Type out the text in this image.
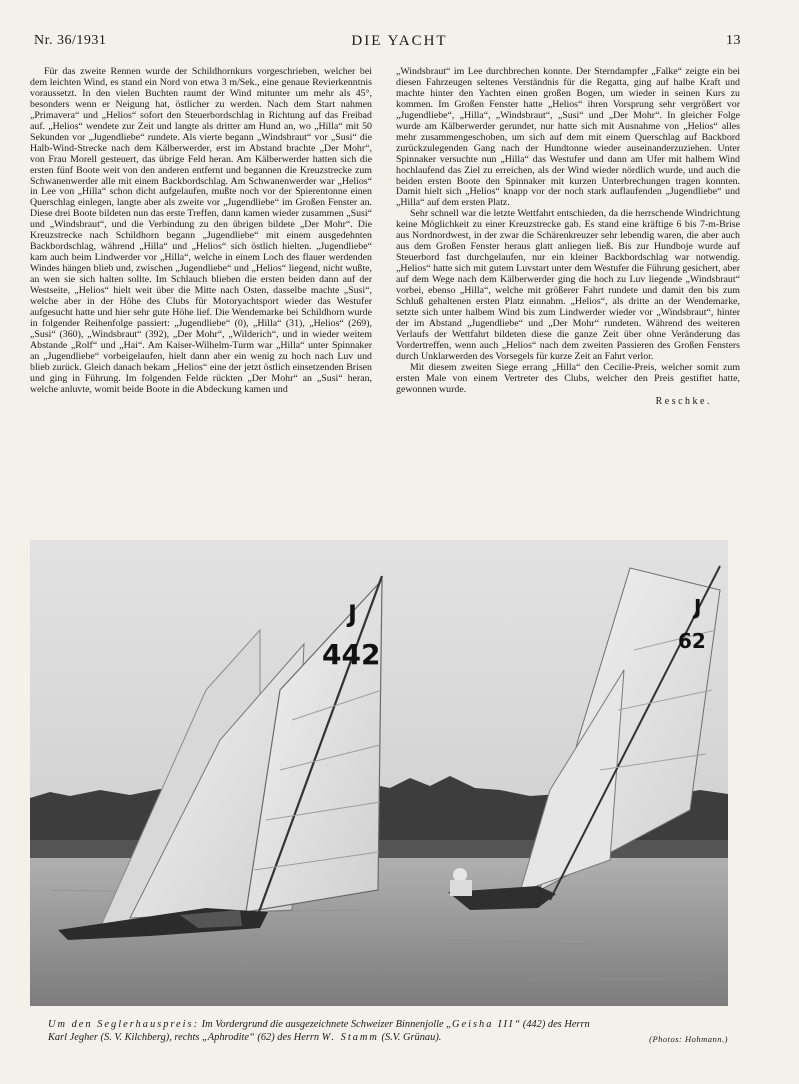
Nr. 36/1931	DIE YACHT	13

Für das zweite Rennen wurde der Schildhornkurs vorgeschrieben, welcher bei dem leichten Wind, es stand ein Nord von etwa 3 m/Sek., eine genaue Revierkenntnis voraussetzt. In den vielen Buchten raumt der Wind mitunter um mehr als 45°, besonders wenn er Neigung hat, östlicher zu werden. Nach dem Start nahmen „Primavera“ und „Helios“ sofort den Steuerbordschlag in Richtung auf das Freibad auf. „Helios“ wendete zur Zeit und langte als dritter am Hund an, wo „Hilla“ mit 50 Sekunden vor „Jugendliebe“ rundete. Als vierte begann „Windsbraut“ vor „Susi“ die Halb-Wind-Strecke nach dem Kälberwerder, erst im Abstand brachte „Der Mohr“, von Frau Morell gesteuert, das übrige Feld heran. Am Kälberwerder hatten sich die ersten fünf Boote weit von den anderen entfernt und begannen die Kreuzstrecke zum Schwanenwerder alle mit einem Backbordschlag. Am Schwanenwerder war „Helios“ in Lee von „Hilla“ schon dicht aufgelaufen, mußte noch vor der Spierentonne einen Querschlag einlegen, langte aber als zweite vor „Jugendliebe“ im Großen Fenster an. Diese drei Boote bildeten nun das erste Treffen, dann kamen wieder zusammen „Susi“ und „Windsbraut“, und die Verbindung zu den übrigen bildete „Der Mohr“. Die Kreuzstrecke nach Schildhorn begann „Jugendliebe“ mit einem ausgedehnten Backbordschlag, während „Hilla“ und „Helios“ sich östlich hielten. „Jugendliebe“ kam auch beim Lindwerder vor „Hilla“, welche in einem Loch des flauer werdenden Windes hängen blieb und, zwischen „Jugendliebe“ und „Helios“ liegend, nicht wußte, an wen sie sich halten sollte. Im Schlauch blieben die ersten beiden dann auf der Westseite, „Helios“ hielt weit über die Mitte nach Osten, dasselbe machte „Susi“, welche aber in der Höhe des Clubs für Motoryachtsport wieder das Westufer aufgesucht hatte und hier sehr gute Höhe lief. Die Wendemarke bei Schildhorn wurde in folgender Reihenfolge passiert: „Jugendliebe“ (0), „Hilla“ (31), „Helios“ (269), „Susi“ (360), „Windsbraut“ (392), „Der Mohr“, „Wilderich“, und in wieder weitem Abstande „Rolf“ und „Hai“. Am Kaiser-Wilhelm-Turm war „Hilla“ unter Spinnaker an „Jugendliebe“ vorbeigelaufen, hielt dann aber ein wenig zu hoch nach Luv und blieb zurück. Gleich danach bekam „Helios“ eine der jetzt östlich einsetzenden Brisen und ging in Führung. Im folgenden Felde rückten „Der Mohr“ an „Susi“ heran, welche anluvte, womit beide Boote in die Abdeckung kamen und

„Windsbraut“ im Lee durchbrechen konnte. Der Sterndampfer „Falke“ zeigte ein bei diesen Fahrzeugen seltenes Verständnis für die Regatta, ging auf halbe Kraft und machte hinter den Yachten einen großen Bogen, um wieder in seinen Kurs zu kommen. Im Großen Fenster hatte „Helios“ ihren Vorsprung sehr vergrößert vor „Jugendliebe“, „Hilla“, „Windsbraut“, „Susi“ und „Der Mohr“. In gleicher Folge wurde am Kälberwerder gerundet, nur hatte sich mit Ausnahme von „Helios“ alles mehr zusammengeschoben, um sich auf dem mit einem Querschlag auf Backbord zurückzulegenden Gang nach der Hundtonne wieder auseinanderzuziehen. Unter Spinnaker versuchte nun „Hilla“ das Westufer und dann am Ufer mit halbem Wind hochlaufend das Ziel zu erreichen, als der Wind wieder nördlich wurde, und auch die beiden ersten Boote den Spinnaker mit kurzen Unterbrechungen tragen konnten. Damit hielt sich „Helios“ knapp vor der noch stark auflaufenden „Jugendliebe“ und „Hilla“ auf dem ersten Platz.

Sehr schnell war die letzte Wettfahrt entschieden, da die herrschende Windrichtung keine Möglichkeit zu einer Kreuzstrecke gab. Es stand eine kräftige 6 bis 7-m-Brise aus Nordnordwest, in der zwar die Schärenkreuzer sehr lebendig waren, die aber auch aus dem Großen Fenster heraus glatt anliegen ließ. Bis zur Hundboje wurde auf Steuerbord fast durchgelaufen, nur ein kleiner Backbordschlag war notwendig. „Helios“ hatte sich mit gutem Luvstart unter dem Westufer die Führung gesichert, aber auf dem Wege nach dem Kälberwerder ging die hoch zu Luv liegende „Windsbraut“ vorbei, ebenso „Hilla“, welche mit größerer Fahrt rundete und damit den bis zum Schluß gehaltenen ersten Platz einnahm. „Helios“, als dritte an der Wendemarke, setzte sich unter halbem Wind bis zum Lindwerder wieder vor „Windsbraut“, hinter der im Abstand „Jugendliebe“ und „Der Mohr“ rundeten. Während des weiteren Verlaufs der Wettfahrt bildeten diese die ganze Zeit über ohne Veränderung das Vordertreffen, wenn auch „Helios“ nach dem zweiten Passieren des Großen Fensters durch Unklarwerden des Vorsegels für kurze Zeit an Fahrt verlor.

Mit diesem zweiten Siege errang „Hilla“ den Cecilie-Preis, welcher somit zum ersten Male von einem Vertreter des Clubs, welcher den Preis gestiftet hatte, gewonnen wurde.

Reschke.
J
442
J
62
Um den Seglerhauspreis: Im Vordergrund die ausgezeichnete Schweizer Binnenjolle „Geisha III“ (442) des Herrn
Karl Jegher (S. V. Kilchberg), rechts „Aphrodite“ (62) des Herrn W. Stamm (S.V. Grünau).	(Photos: Hohmann.)
